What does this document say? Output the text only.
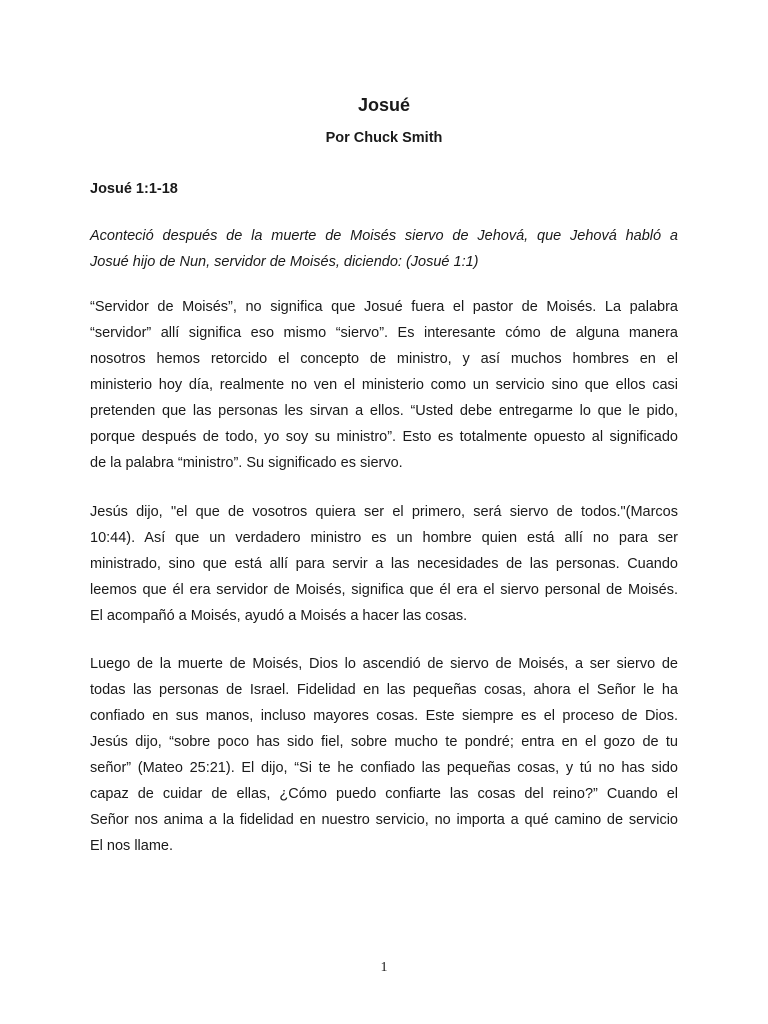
Josué
Por Chuck Smith
Josué 1:1-18

Aconteció después de la muerte de Moisés siervo de Jehová, que Jehová habló a
Josué hijo de Nun, servidor de Moisés, diciendo: (Josué 1:1)

“Servidor de Moisés”, no significa que Josué fuera el pastor de Moisés. La palabra
“servidor” allí significa eso mismo “siervo”. Es interesante cómo de alguna manera
nosotros hemos retorcido el concepto de ministro, y así muchos hombres en el
ministerio hoy día, realmente no ven el ministerio como un servicio sino que ellos casi
pretenden que las personas les sirvan a ellos. “Usted debe entregarme lo que le pido,
porque después de todo, yo soy su ministro”. Esto es totalmente opuesto al significado
de la palabra “ministro”. Su significado es siervo.

Jesús dijo, "el que de vosotros quiera ser el primero, será siervo de todos."(Marcos
10:44). Así que un verdadero ministro es un hombre quien está allí no para ser
ministrado, sino que está allí para servir a las necesidades de las personas. Cuando
leemos que él era servidor de Moisés, significa que él era el siervo personal de Moisés.
El acompañó a Moisés, ayudó a Moisés a hacer las cosas.

Luego de la muerte de Moisés, Dios lo ascendió de siervo de Moisés, a ser siervo de
todas las personas de Israel. Fidelidad en las pequeñas cosas, ahora el Señor le ha
confiado en sus manos, incluso mayores cosas. Este siempre es el proceso de Dios.
Jesús dijo, “sobre poco has sido fiel, sobre mucho te pondré; entra en el gozo de tu
señor” (Mateo 25:21). El dijo, “Si te he confiado las pequeñas cosas, y tú no has sido
capaz de cuidar de ellas, ¿Cómo puedo confiarte las cosas del reino?” Cuando el
Señor nos anima a la fidelidad en nuestro servicio, no importa a qué camino de servicio
El nos llame.

1
